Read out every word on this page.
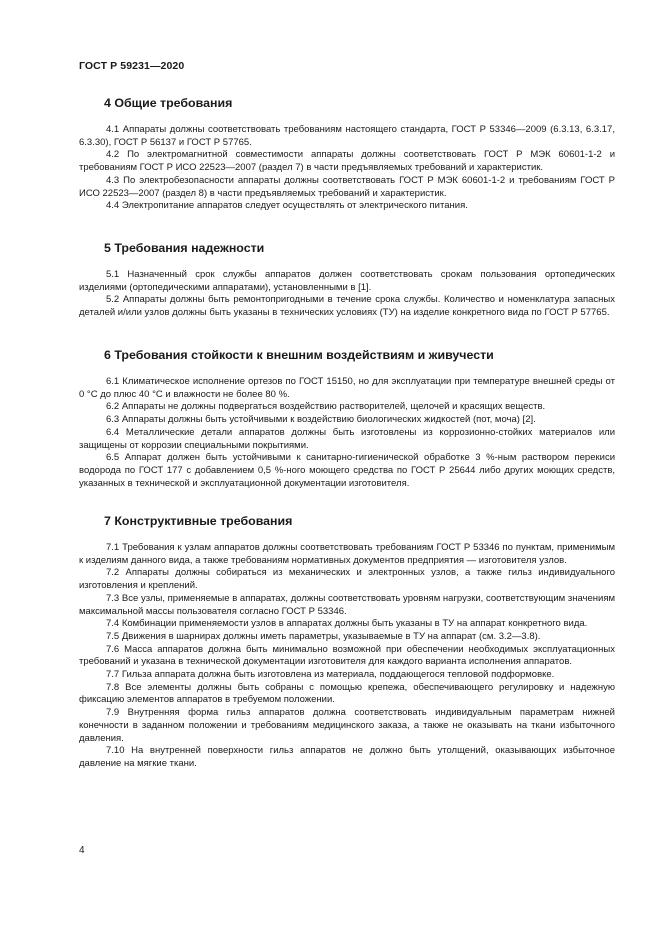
ГОСТ Р 59231—2020
4 Общие требования

4.1 Аппараты должны соответствовать требованиям настоящего стандарта, ГОСТ Р 53346—2009 (6.3.13, 6.3.17, 6.3.30), ГОСТ Р 56137 и ГОСТ Р 57765.

4.2 По электромагнитной совместимости аппараты должны соответствовать ГОСТ Р МЭК 60601-1-2 и требованиям ГОСТ Р ИСО 22523—2007 (раздел 7) в части предъявляемых требований и характеристик.

4.3 По электробезопасности аппараты должны соответствовать ГОСТ Р МЭК 60601-1-2 и требованиям ГОСТ Р ИСО 22523—2007 (раздел 8) в части предъявляемых требований и характеристик.

4.4 Электропитание аппаратов следует осуществлять от электрического питания.

5 Требования надежности

5.1 Назначенный срок службы аппаратов должен соответствовать срокам пользования ортопедических изделиями (ортопедическими аппаратами), установленными в [1].

5.2 Аппараты должны быть ремонтопригодными в течение срока службы. Количество и номенклатура запасных деталей и/или узлов должны быть указаны в технических условиях (ТУ) на изделие конкретного вида по ГОСТ Р 57765.

6 Требования стойкости к внешним воздействиям и живучести

6.1 Климатическое исполнение ортезов по ГОСТ 15150, но для эксплуатации при температуре внешней среды от 0 °С до плюс 40 °С и влажности не более 80 %.

6.2 Аппараты не должны подвергаться воздействию растворителей, щелочей и красящих веществ.

6.3 Аппараты должны быть устойчивыми к воздействию биологических жидкостей (пот, моча) [2].

6.4 Металлические детали аппаратов должны быть изготовлены из коррозионно-стойких материалов или защищены от коррозии специальными покрытиями.

6.5 Аппарат должен быть устойчивыми к санитарно-гигиенической обработке 3 %-ным раствором перекиси водорода по ГОСТ 177 с добавлением 0,5 %-ного моющего средства по ГОСТ Р 25644 либо других моющих средств, указанных в технической и эксплуатационной документации изготовителя.

7 Конструктивные требования

7.1 Требования к узлам аппаратов должны соответствовать требованиям ГОСТ Р 53346 по пунктам, применимым к изделиям данного вида, а также требованиям нормативных документов предприятия — изготовителя узлов.

7.2 Аппараты должны собираться из механических и электронных узлов, а также гильз индивидуального изготовления и креплений.

7.3 Все узлы, применяемые в аппаратах, должны соответствовать уровням нагрузки, соответствующим значениям максимальной массы пользователя согласно ГОСТ Р 53346.

7.4 Комбинации применяемости узлов в аппаратах должны быть указаны в ТУ на аппарат конкретного вида.

7.5 Движения в шарнирах должны иметь параметры, указываемые в ТУ на аппарат (см. 3.2—3.8).

7.6 Масса аппаратов должна быть минимально возможной при обеспечении необходимых эксплуатационных требований и указана в технической документации изготовителя для каждого варианта исполнения аппаратов.

7.7 Гильза аппарата должна быть изготовлена из материала, поддающегося тепловой подформовке.

7.8 Все элементы должны быть собраны с помощью крепежа, обеспечивающего регулировку и надежную фиксацию элементов аппаратов в требуемом положении.

7.9 Внутренняя форма гильз аппаратов должна соответствовать индивидуальным параметрам нижней конечности в заданном положении и требованиям медицинского заказа, а также не оказывать на ткани избыточного давления.

7.10 На внутренней поверхности гильз аппаратов не должно быть утолщений, оказывающих избыточное давление на мягкие ткани.

4
